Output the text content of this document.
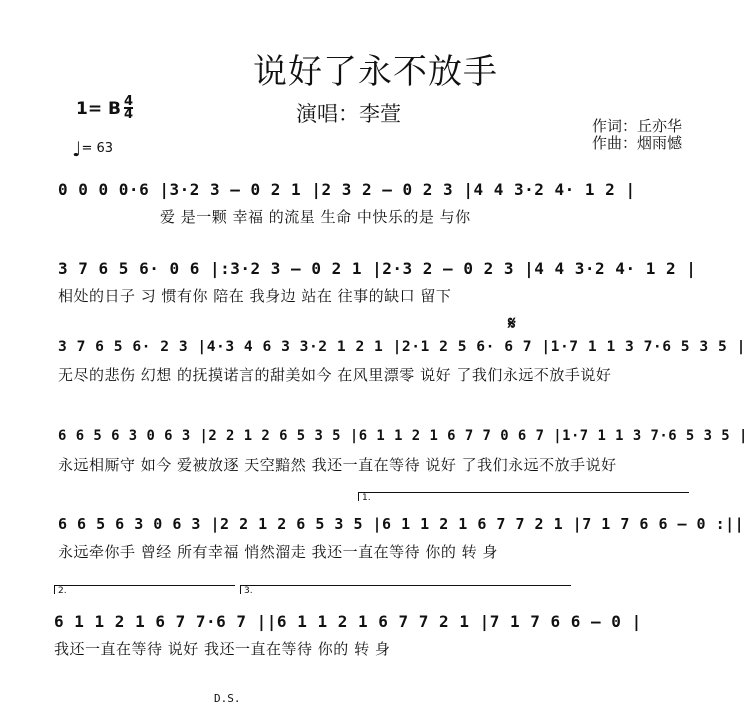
说好了永不放手
演唱：李萱
1= B 4
4
♩= 63
作词：丘亦华
作曲：烟雨憾
0 0 0 0·6 |3·2 3 – 0 2 1 |2 3 2 – 0 2 3 |4 4 3·2 4· 1 2 |
爱 是一颗 幸福 的流星 生命 中快乐的是 与你
3 7 6 5 6· 0 6 |:3·2 3 – 0 2 1 |2·3 2 – 0 2 3 |4 4 3·2 4· 1 2 |
相处的日子 习 惯有你 陪在 我身边 站在 往事的缺口 留下
𝄋
3 7 6 5 6· 2 3 |4·3 4 6 3 3·2 1 2 1 |2·1 2 5 6· 6 7 |1·7 1 1 3 7·6 5 3 5 |
无尽的悲伤 幻想 的抚摸诺言的甜美如今 在风里漂零 说好 了我们永远不放手说好
6 6 5 6 3 0 6 3 |2 2 1 2 6 5 3 5 |6 1 1 2 1 6 7 7 0 6 7 |1·7 1 1 3 7·6 5 3 5 |
永远相厮守 如今 爱被放逐 天空黯然 我还一直在等待 说好 了我们永远不放手说好
1.
6 6 5 6 3 0 6 3 |2 2 1 2 6 5 3 5 |6 1 1 2 1 6 7 7 2 1 |7 1 7 6 6 – 0 :||
永远牵你手 曾经 所有幸福 悄然溜走 我还一直在等待 你的 转 身
2.	3.
6 1 1 2 1 6 7 7·6 7 ||6 1 1 2 1 6 7 7 2 1 |7 1 7 6 6 – 0 |
我还一直在等待 说好 我还一直在等待 你的 转 身
D.S.
